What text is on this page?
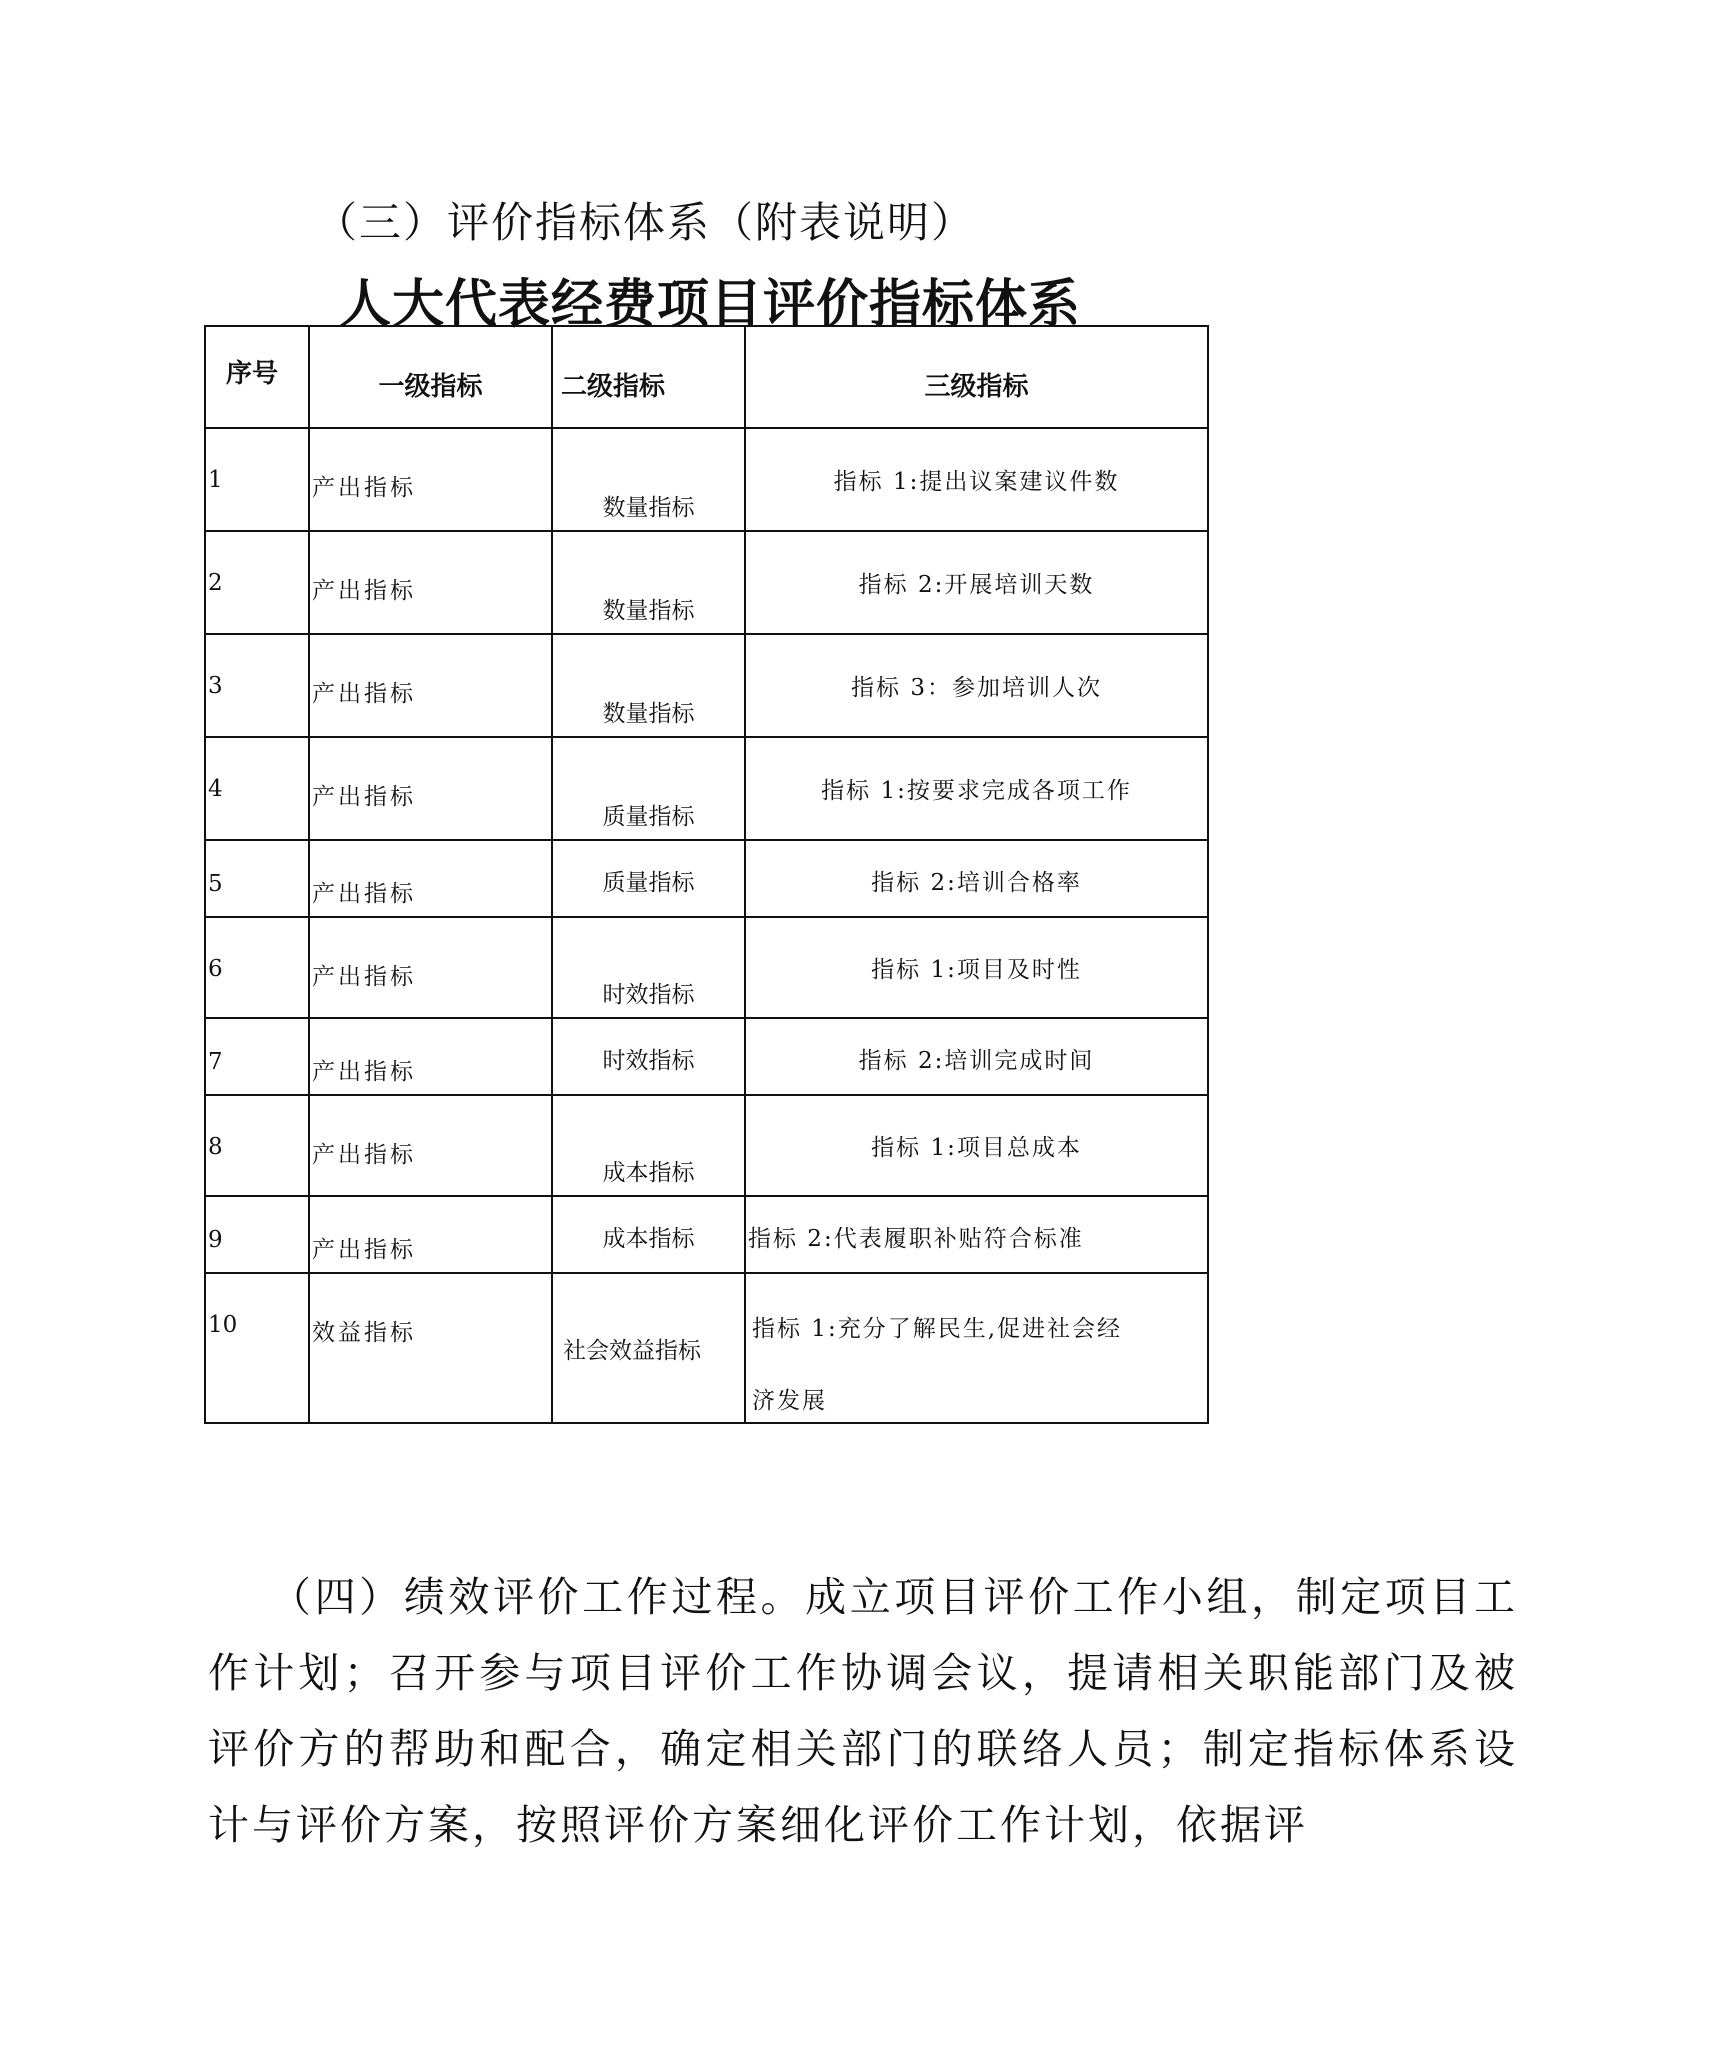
（三）评价指标体系（附表说明）
人大代表经费项目评价指标体系
序号	一级指标	二级指标	三级指标
1	产出指标	数量指标	指标 1:提出议案建议件数
2	产出指标	数量指标	指标 2:开展培训天数
3	产出指标	数量指标	指标 3：参加培训人次
4	产出指标	质量指标	指标 1:按要求完成各项工作
5	产出指标	质量指标	指标 2:培训合格率
6	产出指标	时效指标	指标 1:项目及时性
7	产出指标	时效指标	指标 2:培训完成时间
8	产出指标	成本指标	指标 1:项目总成本
9	产出指标	成本指标	指标 2:代表履职补贴符合标准
10	效益指标	社会效益指标	指标 1:充分了解民生,促进社会经
济发展

（四）绩效评价工作过程。成立项目评价工作小组，制定项目工作计划；召开参与项目评价工作协调会议，提请相关职能部门及被评价方的帮助和配合，确定相关部门的联络人员；制定指标体系设计与评价方案，按照评价方案细化评价工作计划，依据评
